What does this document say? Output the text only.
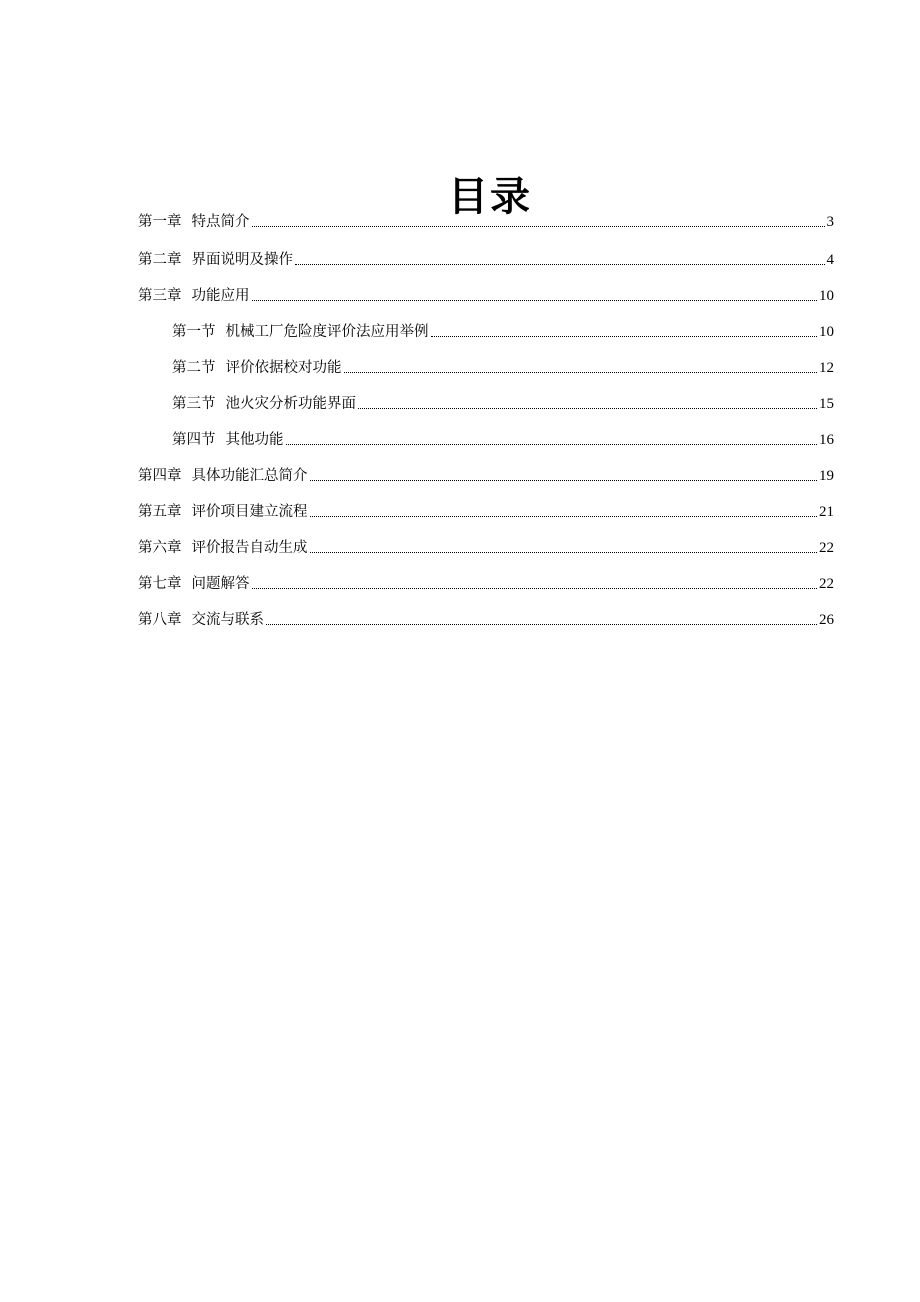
目录
第一章 特点简介	3
第二章 界面说明及操作	4
第三章 功能应用	10
第一节 机械工厂危险度评价法应用举例	10
第二节 评价依据校对功能	12
第三节 池火灾分析功能界面	15
第四节 其他功能	16
第四章 具体功能汇总简介	19
第五章 评价项目建立流程	21
第六章 评价报告自动生成	22
第七章 问题解答	22
第八章 交流与联系	26
